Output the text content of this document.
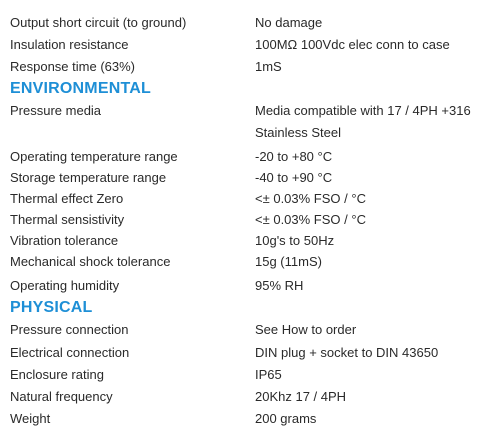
Output short circuit (to ground)	No damage
Insulation resistance	100MΩ 100Vdc elec conn to case
Response time (63%)	1mS
ENVIRONMENTAL
Pressure media	Media compatible with 17 / 4PH +316
Stainless Steel
Operating temperature range	-20 to +80 °C
Storage temperature range	-40 to +90 °C
Thermal effect Zero	<± 0.03% FSO / °C
Thermal sensistivity	<± 0.03% FSO / °C
Vibration tolerance	10g's to 50Hz
Mechanical shock tolerance	15g (11mS)
Operating humidity	95% RH
PHYSICAL
Pressure connection	See How to order
Electrical connection	DIN plug + socket to DIN 43650
Enclosure rating	IP65
Natural frequency	20Khz 17 / 4PH
Weight	200 grams
